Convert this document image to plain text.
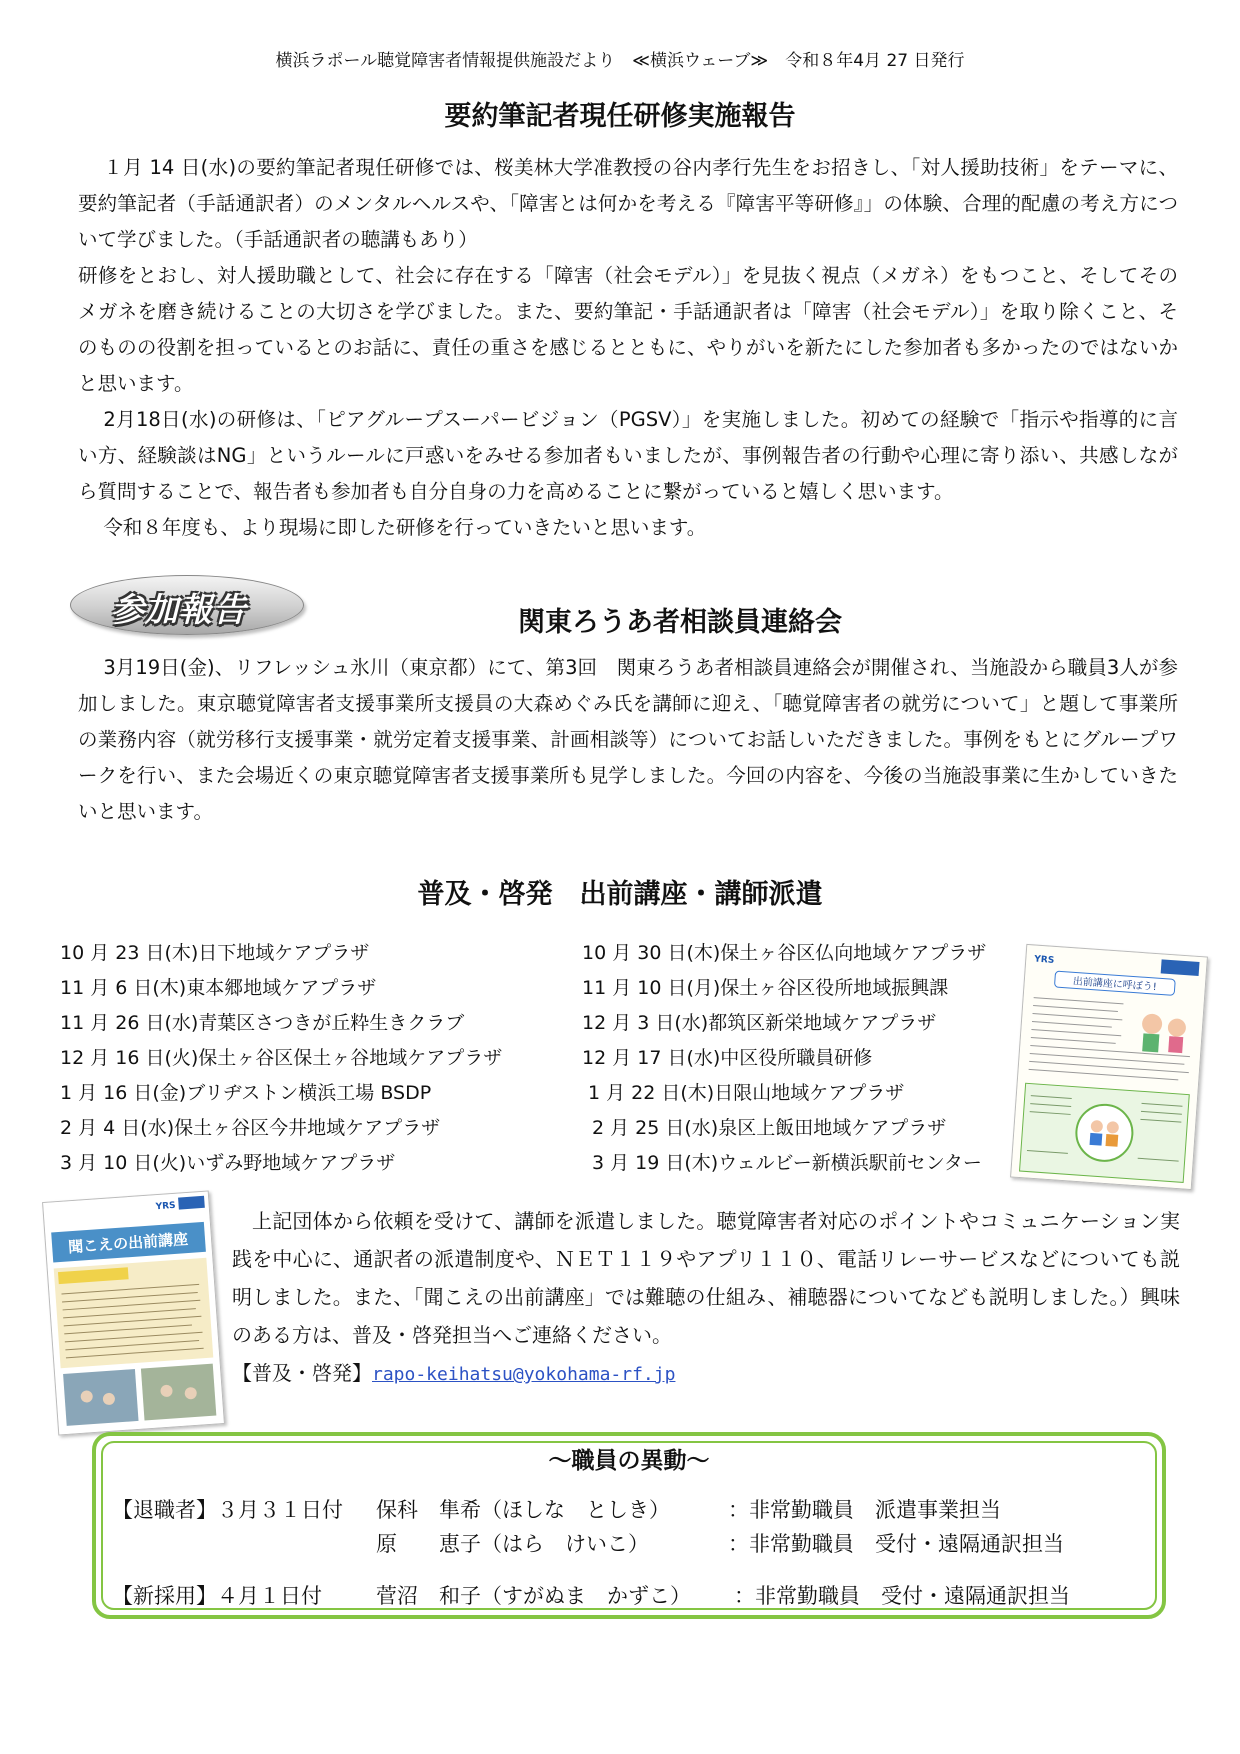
横浜ラポール聴覚障害者情報提供施設だより　≪横浜ウェーブ≫　令和８年4月 27 日発行
要約筆記者現任研修実施報告

１月 14 日(水)の要約筆記者現任研修では、桜美林大学准教授の谷内孝行先生をお招きし、「対人援助技術」をテーマに、要約筆記者（手話通訳者）のメンタルヘルスや、「障害とは何かを考える『障害平等研修』」の体験、合理的配慮の考え方について学びました。（手話通訳者の聴講もあり）

研修をとおし、対人援助職として、社会に存在する「障害（社会モデル）」を見抜く視点（メガネ）をもつこと、そしてそのメガネを磨き続けることの大切さを学びました。また、要約筆記・手話通訳者は「障害（社会モデル）」を取り除くこと、そのものの役割を担っているとのお話に、責任の重さを感じるとともに、やりがいを新たにした参加者も多かったのではないかと思います。

2月18日(水)の研修は、「ピアグループスーパービジョン（PGSV）」を実施しました。初めての経験で「指示や指導的に言い方、経験談はNG」というルールに戸惑いをみせる参加者もいましたが、事例報告者の行動や心理に寄り添い、共感しながら質問することで、報告者も参加者も自分自身の力を高めることに繋がっていると嬉しく思います。

令和８年度も、より現場に即した研修を行っていきたいと思います。

参加報告	関東ろうあ者相談員連絡会

3月19日(金)、リフレッシュ氷川（東京都）にて、第3回　関東ろうあ者相談員連絡会が開催され、当施設から職員3人が参加しました。東京聴覚障害者支援事業所支援員の大森めぐみ氏を講師に迎え、「聴覚障害者の就労について」と題して事業所の業務内容（就労移行支援事業・就労定着支援事業、計画相談等）についてお話しいただきました。事例をもとにグループワークを行い、また会場近くの東京聴覚障害者支援事業所も見学しました。今回の内容を、今後の当施設事業に生かしていきたいと思います。

普及・啓発　出前講座・講師派遣
10 月 23 日(木)日下地域ケアプラザ
11 月 6 日(木)東本郷地域ケアプラザ
11 月 26 日(水)青葉区さつきが丘粋生きクラブ
12 月 16 日(火)保土ヶ谷区保土ヶ谷地域ケアプラザ
1 月 16 日(金)ブリヂストン横浜工場 BSDP
2 月 4 日(水)保土ヶ谷区今井地域ケアプラザ
3 月 10 日(火)いずみ野地域ケアプラザ
10 月 30 日(木)保土ヶ谷区仏向地域ケアプラザ
11 月 10 日(月)保土ヶ谷区役所地域振興課
12 月 3 日(水)都筑区新栄地域ケアプラザ
12 月 17 日(水)中区役所職員研修
1 月 22 日(木)日限山地域ケアプラザ
2 月 25 日(水)泉区上飯田地域ケアプラザ
3 月 19 日(木)ウェルビー新横浜駅前センター
YRS
出前講座に呼ぼう!
YRS
聞こえの出前講座
上記団体から依頼を受けて、講師を派遣しました。聴覚障害者対応のポイントやコミュニケーション実践を中心に、通訳者の派遣制度や、ＮＥＴ１１９やアプリ１１０、電話リレーサービスなどについても説明しました。また、「聞こえの出前講座」では難聴の仕組み、補聴器についてなども説明しました。）興味のある方は、普及・啓発担当へご連絡ください。
【普及・啓発】rapo-keihatsu@yokohama-rf.jp
～職員の異動～
【退職者】３月３１日付 保科　隼希（ほしな　としき）	：非常勤職員　派遣事業担当
原　　恵子（はら　けいこ）	：非常勤職員　受付・遠隔通訳担当
【新採用】４月１日付	菅沼　和子（すがぬま　かずこ） ：非常勤職員　受付・遠隔通訳担当
